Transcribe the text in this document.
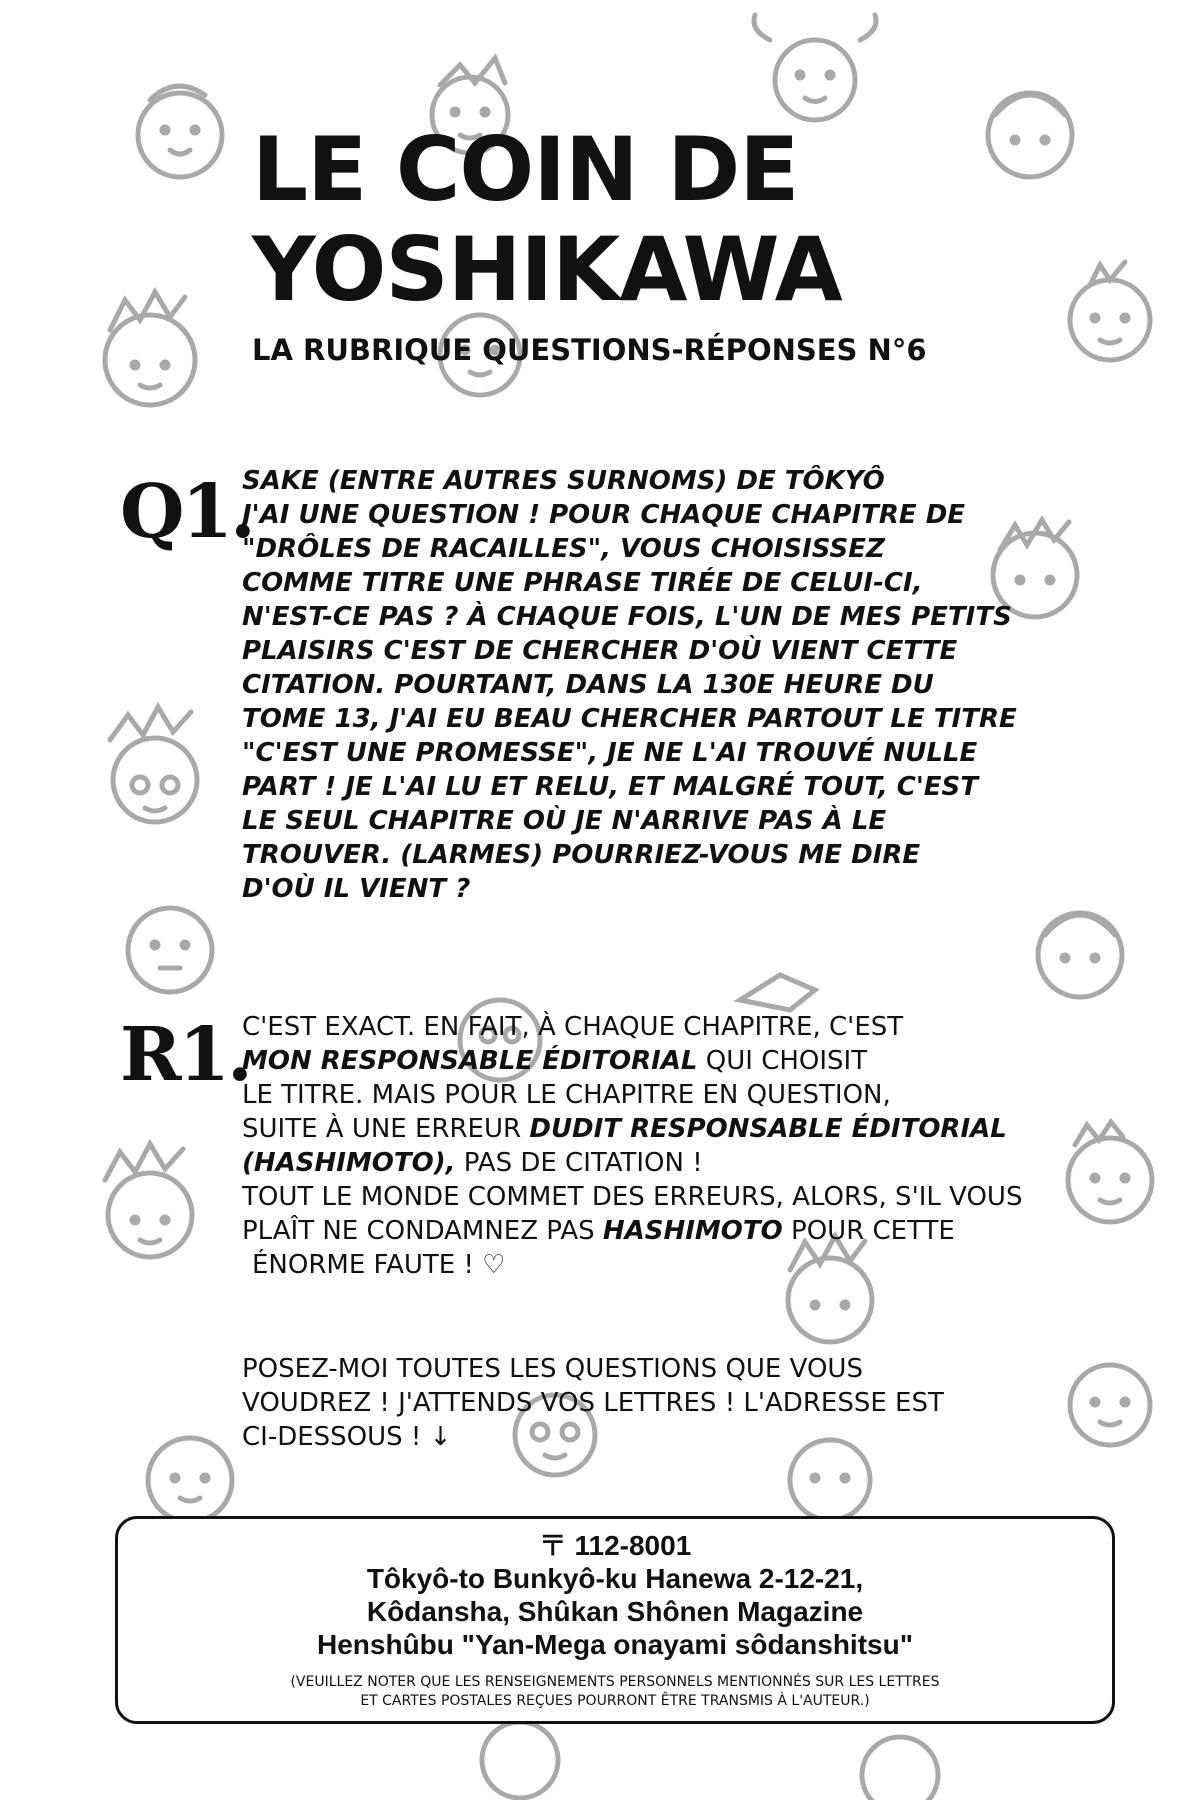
LE COIN DE
YOSHIKAWA
LA RUBRIQUE QUESTIONS-RÉPONSES N°6
Q1.

SAKE (ENTRE AUTRES SURNOMS) DE TÔKYÔ

J'AI UNE QUESTION ! POUR CHAQUE CHAPITRE DE

"DRÔLES DE RACAILLES", VOUS CHOISISSEZ

COMME TITRE UNE PHRASE TIRÉE DE CELUI-CI,

N'EST-CE PAS ? À CHAQUE FOIS, L'UN DE MES PETITS

PLAISIRS C'EST DE CHERCHER D'OÙ VIENT CETTE

CITATION. POURTANT, DANS LA 130E HEURE DU

TOME 13, J'AI EU BEAU CHERCHER PARTOUT LE TITRE

"C'EST UNE PROMESSE", JE NE L'AI TROUVÉ NULLE

PART ! JE L'AI LU ET RELU, ET MALGRÉ TOUT, C'EST

LE SEUL CHAPITRE OÙ JE N'ARRIVE PAS À LE

TROUVER. (LARMES) POURRIEZ-VOUS ME DIRE

D'OÙ IL VIENT ?

R1.

C'EST EXACT. EN FAIT, À CHAQUE CHAPITRE, C'EST

MON RESPONSABLE ÉDITORIAL QUI CHOISIT

LE TITRE. MAIS POUR LE CHAPITRE EN QUESTION,

SUITE À UNE ERREUR DUDIT RESPONSABLE ÉDITORIAL

(HASHIMOTO), PAS DE CITATION !

TOUT LE MONDE COMMET DES ERREURS, ALORS, S'IL VOUS

PLAÎT NE CONDAMNEZ PAS HASHIMOTO POUR CETTE

ÉNORME FAUTE ! ♡

POSEZ-MOI TOUTES LES QUESTIONS QUE VOUS

VOUDREZ ! J'ATTENDS VOS LETTRES ! L'ADRESSE EST

CI-DESSOUS ! ↓

〒 112-8001

Tôkyô-to Bunkyô-ku Hanewa 2-12-21,

Kôdansha, Shûkan Shônen Magazine

Henshûbu "Yan-Mega onayami sôdanshitsu"

(VEUILLEZ NOTER QUE LES RENSEIGNEMENTS PERSONNELS MENTIONNÉS SUR LES LETTRES
ET CARTES POSTALES REÇUES POURRONT ÊTRE TRANSMIS À L'AUTEUR.)
